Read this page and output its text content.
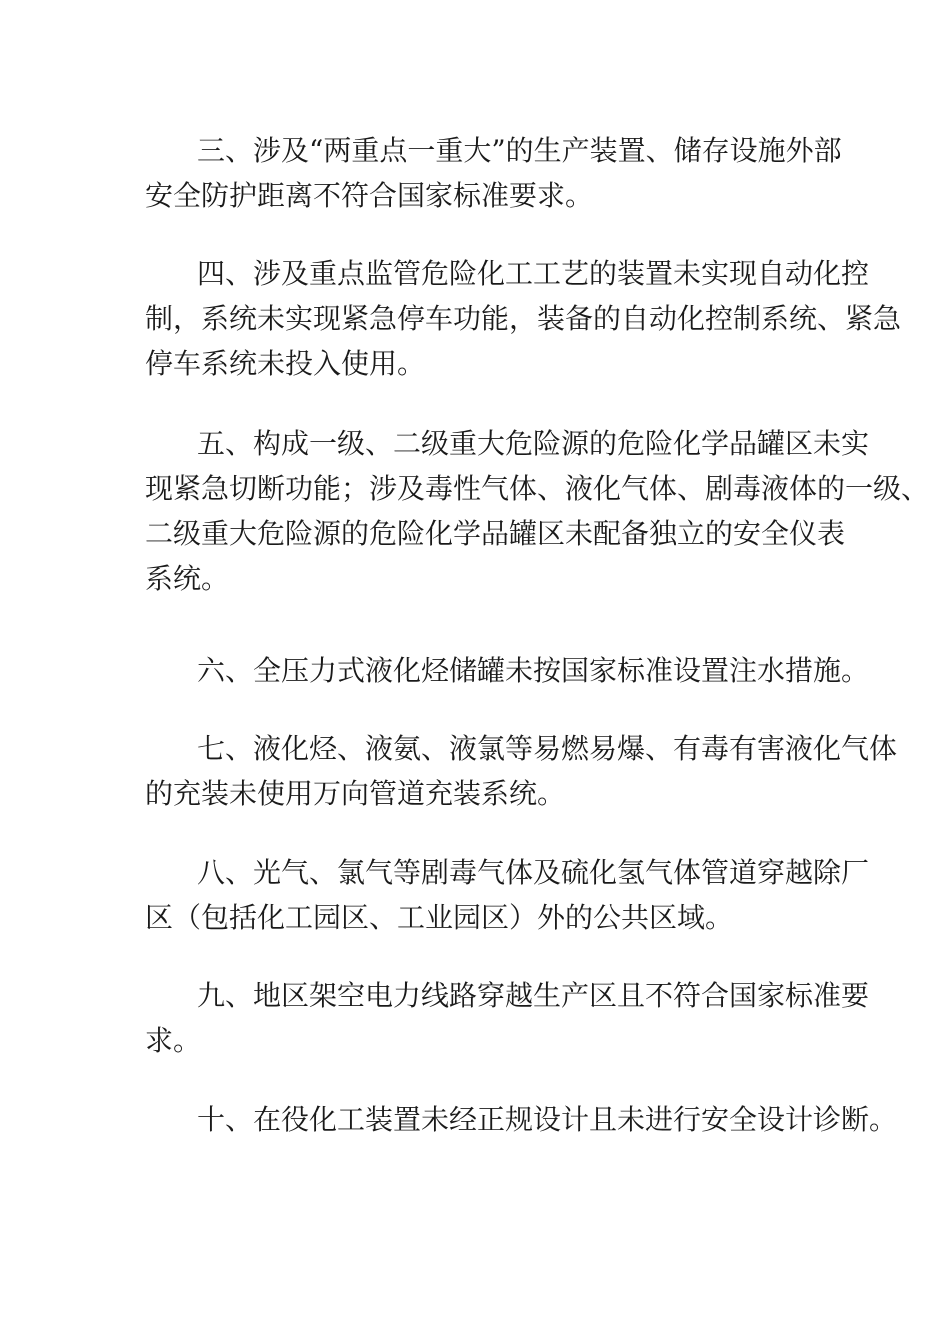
三、涉及“两重点一重大”的生产装置、储存设施外部
安全防护距离不符合国家标准要求。

四、涉及重点监管危险化工工艺的装置未实现自动化控
制，系统未实现紧急停车功能，装备的自动化控制系统、紧急
停车系统未投入使用。

五、构成一级、二级重大危险源的危险化学品罐区未实
现紧急切断功能；涉及毒性气体、液化气体、剧毒液体的一级、
二级重大危险源的危险化学品罐区未配备独立的安全仪表
系统。

六、全压力式液化烃储罐未按国家标准设置注水措施。

七、液化烃、液氨、液氯等易燃易爆、有毒有害液化气体
的充装未使用万向管道充装系统。

八、光气、氯气等剧毒气体及硫化氢气体管道穿越除厂
区（包括化工园区、工业园区）外的公共区域。

九、地区架空电力线路穿越生产区且不符合国家标准要
求。

十、在役化工装置未经正规设计且未进行安全设计诊断。
